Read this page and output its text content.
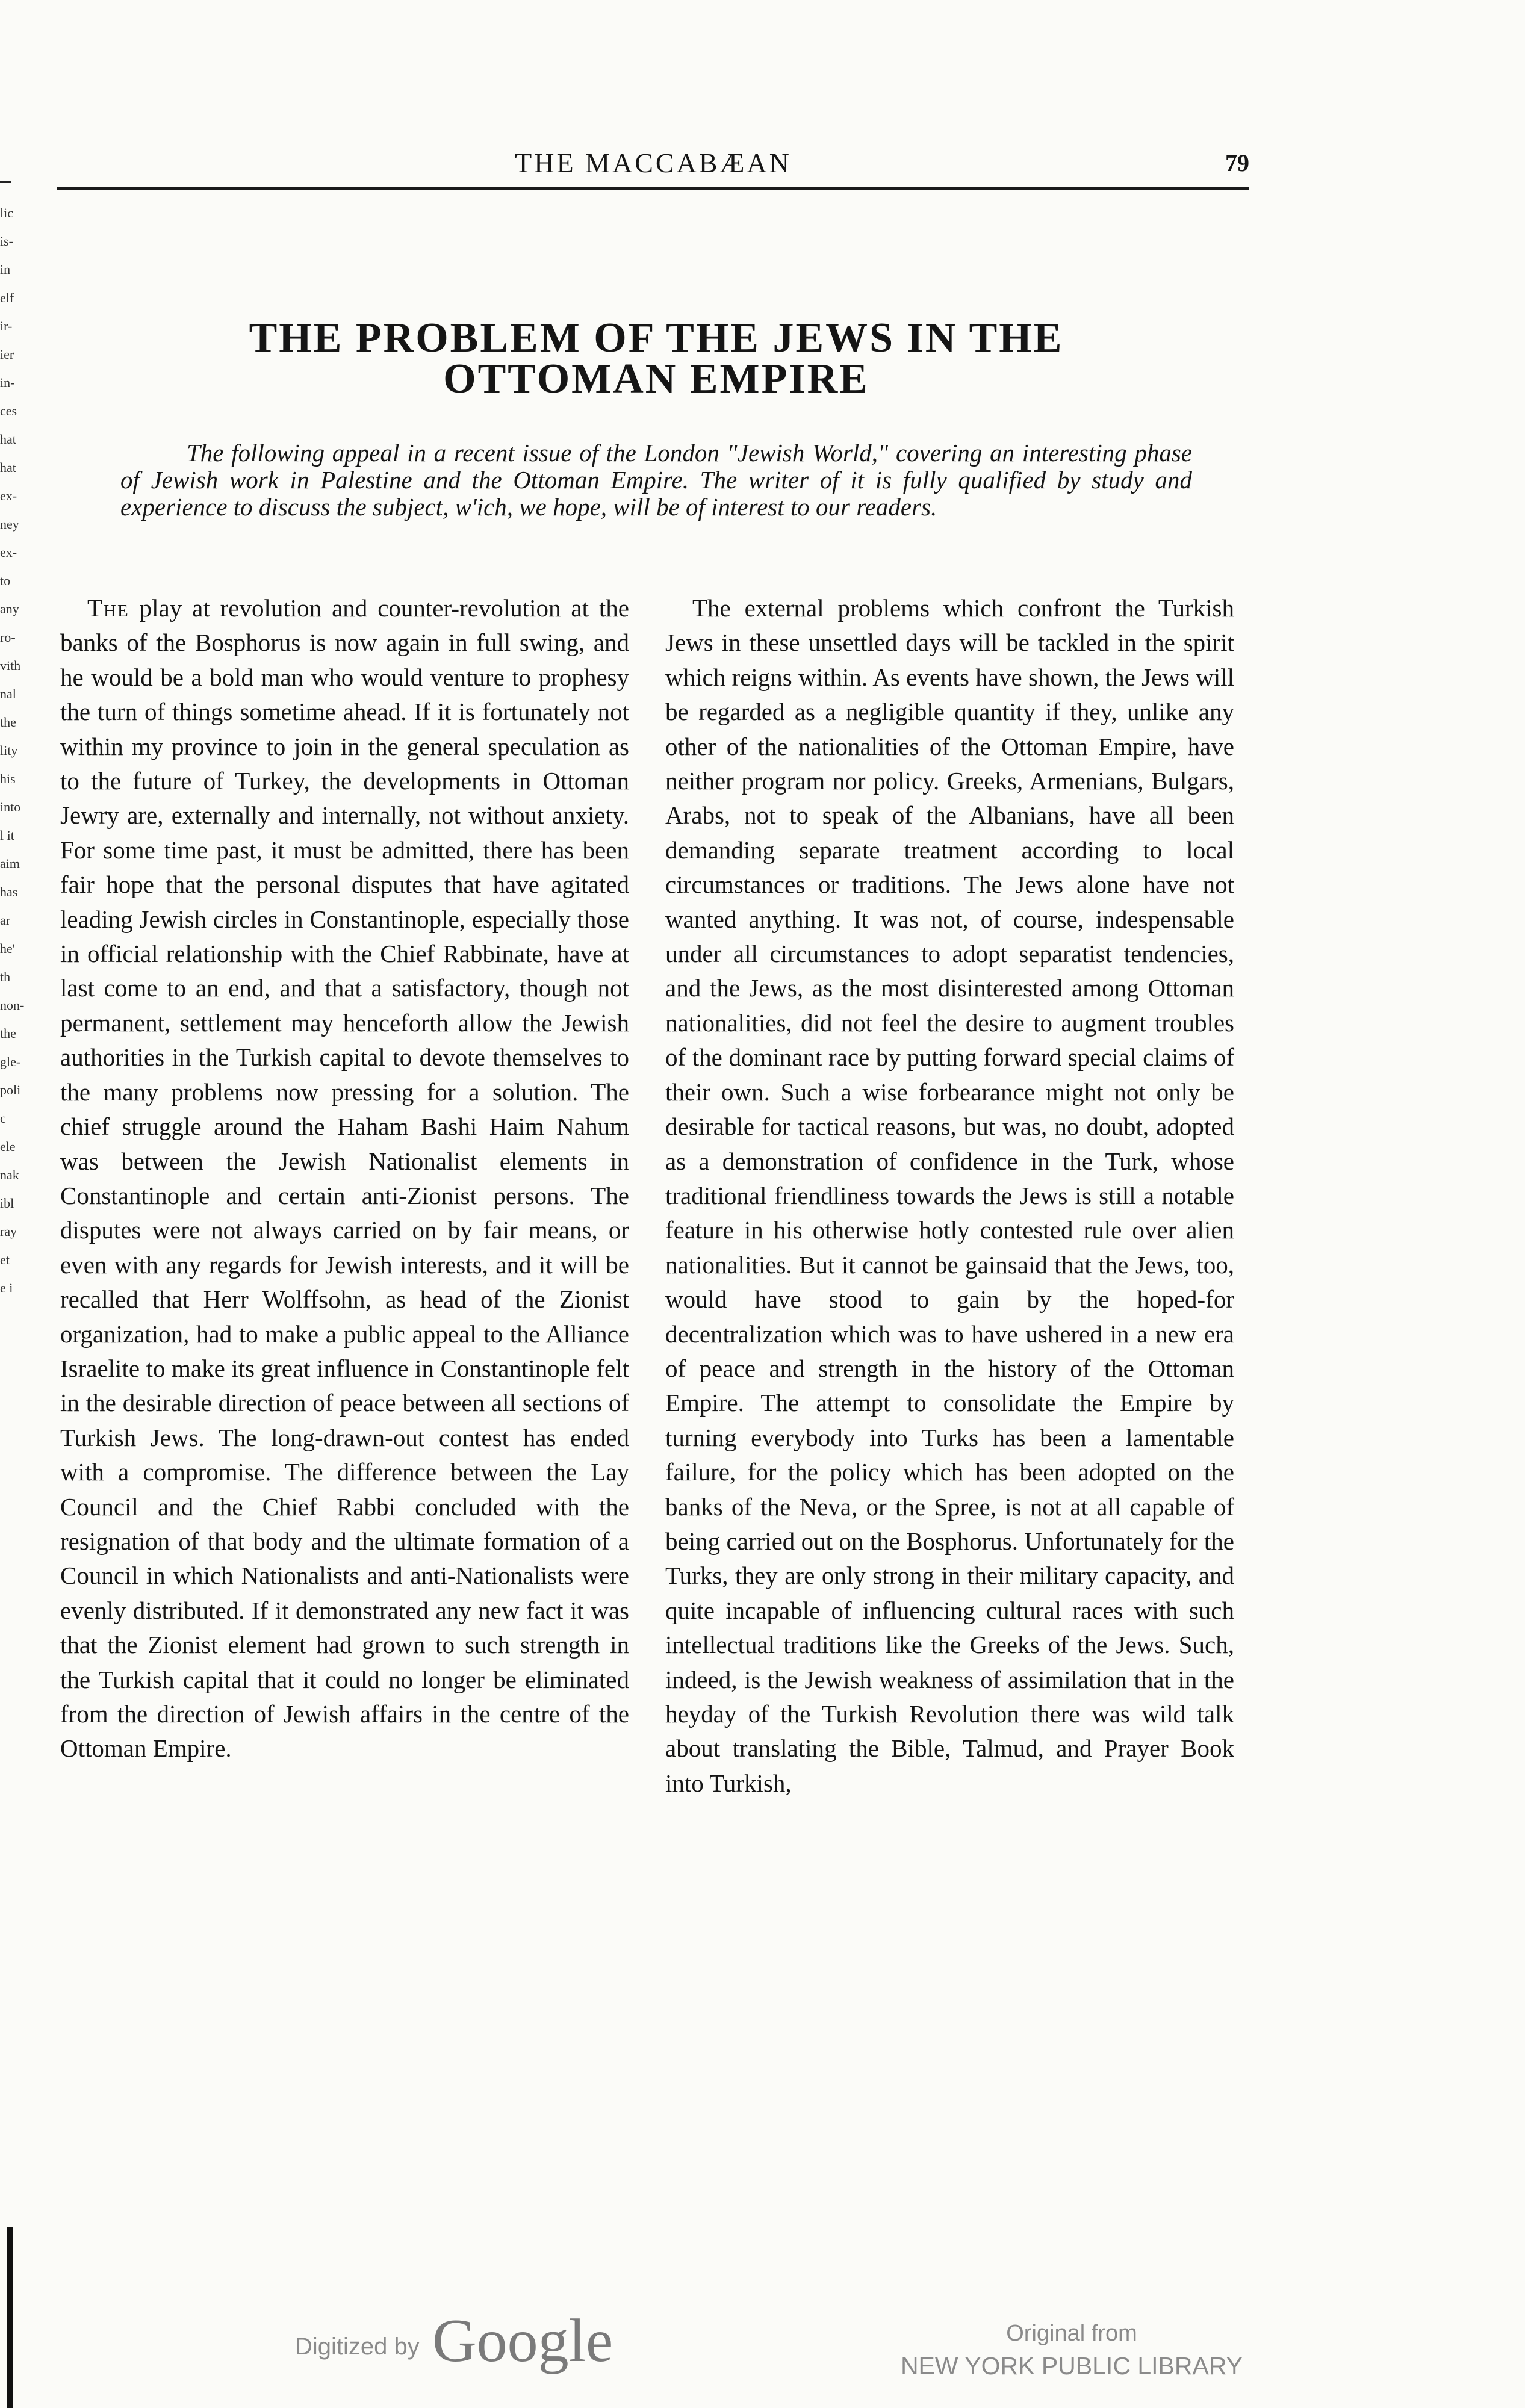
lic
is-
in
elf
ir-
ier
in-
ces
hat
hat
ex-
ney
ex-
to
any
ro-
vith
nal
the
lity
his
into
l it
aim
has
ar
he'
th
non-
the
gle-
poli
c
ele
nak
ibl
ray
et
e i
THE MACCABÆAN	79
THE PROBLEM OF THE JEWS IN THE OTTOMAN EMPIRE

The following appeal in a recent issue of the London "Jewish World," covering an interesting phase of Jewish work in Palestine and the Ottoman Empire. The writer of it is fully qualified by study and experience to discuss the subject, w'ich, we hope, will be of interest to our readers.

The play at revolution and counter-revolution at the banks of the Bosphorus is now again in full swing, and he would be a bold man who would venture to prophesy the turn of things sometime ahead. If it is fortunately not within my province to join in the general speculation as to the future of Turkey, the developments in Ottoman Jewry are, externally and internally, not without anxiety. For some time past, it must be admitted, there has been fair hope that the personal disputes that have agitated leading Jewish circles in Constantinople, especially those in official relationship with the Chief Rabbinate, have at last come to an end, and that a satisfactory, though not permanent, settlement may henceforth allow the Jewish authorities in the Turkish capital to devote themselves to the many problems now pressing for a solution. The chief struggle around the Haham Bashi Haim Nahum was between the Jewish Nationalist elements in Constantinople and certain anti-Zionist persons. The disputes were not always carried on by fair means, or even with any regards for Jewish interests, and it will be recalled that Herr Wolffsohn, as head of the Zionist organization, had to make a public appeal to the Alliance Israelite to make its great influence in Constantinople felt in the desirable direction of peace between all sections of Turkish Jews. The long-drawn-out contest has ended with a compromise. The difference between the Lay Council and the Chief Rabbi concluded with the resignation of that body and the ultimate formation of a Council in which Nationalists and anti-Nationalists were evenly distributed. If it demonstrated any new fact it was that the Zionist element had grown to such strength in the Turkish capital that it could no longer be eliminated from the direction of Jewish affairs in the centre of the Ottoman Empire.

The external problems which confront the Turkish Jews in these unsettled days will be tackled in the spirit which reigns within. As events have shown, the Jews will be regarded as a negligible quantity if they, unlike any other of the nationalities of the Ottoman Empire, have neither program nor policy. Greeks, Armenians, Bulgars, Arabs, not to speak of the Albanians, have all been demanding separate treatment according to local circumstances or traditions. The Jews alone have not wanted anything. It was not, of course, indespensable under all circumstances to adopt separatist tendencies, and the Jews, as the most disinterested among Ottoman nationalities, did not feel the desire to augment troubles of the dominant race by putting forward special claims of their own. Such a wise forbearance might not only be desirable for tactical reasons, but was, no doubt, adopted as a demonstration of confidence in the Turk, whose traditional friendliness towards the Jews is still a notable feature in his otherwise hotly contested rule over alien nationalities. But it cannot be gainsaid that the Jews, too, would have stood to gain by the hoped-for decentralization which was to have ushered in a new era of peace and strength in the history of the Ottoman Empire. The attempt to consolidate the Empire by turning everybody into Turks has been a lamentable failure, for the policy which has been adopted on the banks of the Neva, or the Spree, is not at all capable of being carried out on the Bosphorus. Unfortunately for the Turks, they are only strong in their military capacity, and quite incapable of influencing cultural races with such intellectual traditions like the Greeks of the Jews. Such, indeed, is the Jewish weakness of assimilation that in the heyday of the Turkish Revolution there was wild talk about translating the Bible, Talmud, and Prayer Book into Turkish,

Digitized by Google	Original from
NEW YORK PUBLIC LIBRARY
